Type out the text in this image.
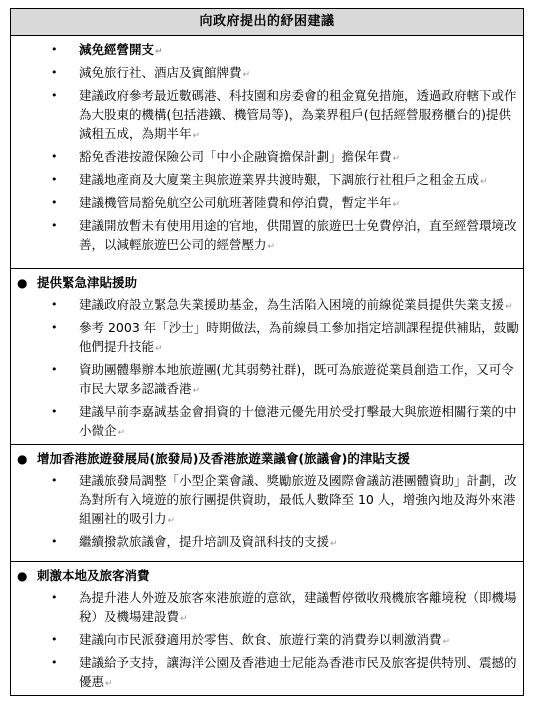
向政府提出的紓困建議

•	減免經營開支↵
•	減免旅行社、酒店及賓館牌費↵
•	建議政府參考最近數碼港、科技園和房委會的租金寬免措施，透過政府轄下或作為大股東的機構(包括港鐵、機管局等)，為業界租戶(包括經營服務櫃台的)提供減租五成，為期半年↵
•	豁免香港按證保險公司「中小企融資擔保計劃」擔保年費↵
•	建議地產商及大廈業主與旅遊業界共渡時艱，下調旅行社租戶之租金五成↵
•	建議機管局豁免航空公司航班著陸費和停泊費，暫定半年↵
•	建議開放暫未有使用用途的官地，供閒置的旅遊巴士免費停泊，直至經營環境改善，以減輕旅遊巴公司的經營壓力↵

● 提供緊急津貼援助
•	建議政府設立緊急失業援助基金，為生活陷入困境的前線從業員提供失業支援↵
•	參考 2003 年「沙士」時期做法，為前線員工參加指定培訓課程提供補貼，鼓勵他們提升技能↵
•	資助團體舉辦本地旅遊團(尤其弱勢社群)，既可為旅遊從業員創造工作，又可令市民大眾多認識香港↵
•	建議早前李嘉誠基金會捐資的十億港元優先用於受打擊最大與旅遊相關行業的中小微企↵

● 增加香港旅遊發展局(旅發局)及香港旅遊業議會(旅議會)的津貼支援
•	建議旅發局調整「小型企業會議、獎勵旅遊及國際會議訪港團體資助」計劃，改為對所有入境遊的旅行團提供資助，最低人數降至 10 人，增強內地及海外來港組團社的吸引力↵
•	繼續撥款旅議會，提升培訓及資訊科技的支援↵

● 刺激本地及旅客消費
•	為提升港人外遊及旅客來港旅遊的意欲，建議暫停徵收飛機旅客離境稅（即機場稅）及機場建設費↵
•	建議向市民派發適用於零售、飲食、旅遊行業的消費券以刺激消費↵
•	建議給予支持，讓海洋公園及香港迪士尼能為香港市民及旅客提供特別、震撼的優惠↵
